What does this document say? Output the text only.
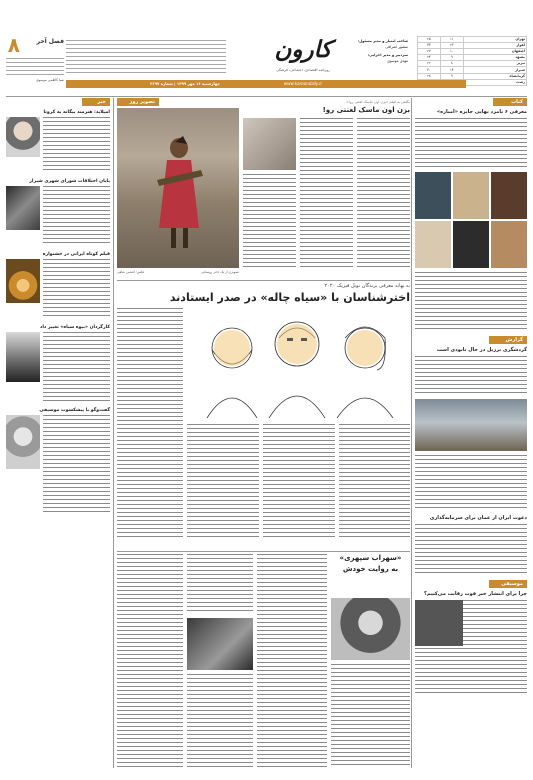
تهران	۱۱	۲۵
اهواز	۲۳	۴۳
اصفهان	۱۰	۲۷
مشهد	۹	۲۴
تبریز	۸	۲۲
شیراز	۱۴	۳۰
کرمانشاه	۹	۲۸
رشت		
کارون
روزنامه اقتصادی، اجتماعی، فرهنگی
صاحب امتیاز و مدیر مسئول:
منصور اشرافی
سردبیر و مدیر اجرایی:
مهدی موسوی
www.karoondaily.ir
چهارشنبه ۱۶ مهر ۱۳۹۹ | شماره ۳۶۹۷
۸	فصل آخر
نسا کاظمی موسوی
کتاب
معرفی ۶ نامزد نهایی جایزه «امباره»
گزارش
گردشگری برزیل در حال نابودی است
دعوت ایران از عمان برای سرمایه‌گذاری
موسیقی
چرا برای انتشار خبر فوت رقابت می‌کنیم؟
خبر
امیلاید: هنرمند بیگانه به کرونا
پایان اختلافات شورای شهری شیراز
فیلم کوتاه ایرانی در جشنواره
کارگردان «بیوه سیاه» تغییر داد
گفت‌وگو با پیشکسوت موسیقی
تصویر روز
تصویری از یک دختر روستایی
عکس: افشین شاهی
نگاهی به فیلم «بزن اون ماسک لعنتی رو!»
بزن اون ماسک لعنتی رو!
به بهانه معرفی برندگان نوبل فیزیک ۲۰۲۰
اخترشناسان با «سیاه چاله» در صدر ایستادند
«سهراب سپهری»
به روایت خودش
